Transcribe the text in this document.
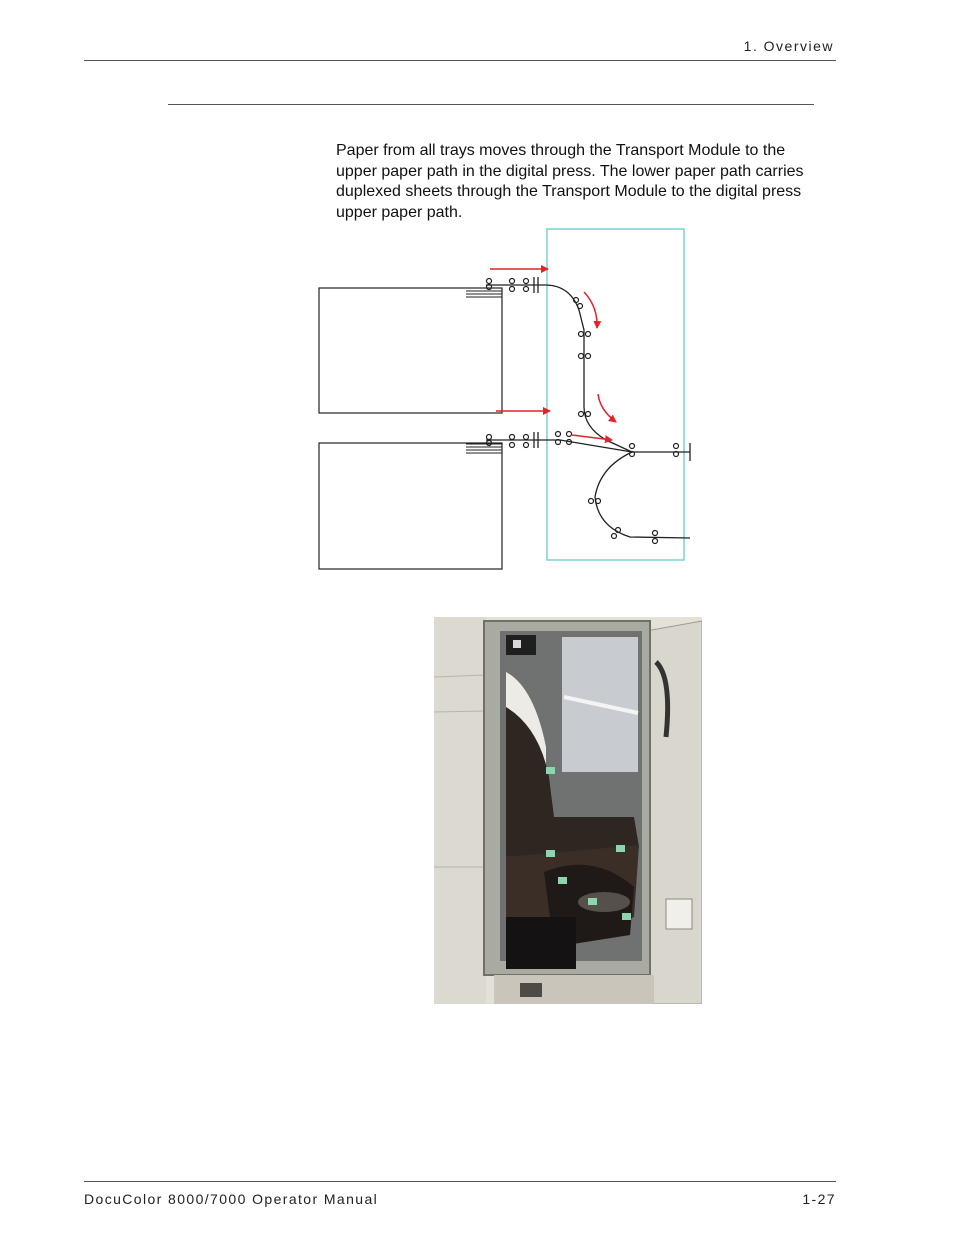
1. Overview

Paper from all trays moves through the Transport Module to the upper paper path in the digital press. The lower paper path carries duplexed sheets through the Transport Module to the digital press upper paper path.

DocuColor 8000/7000 Operator Manual	1-27
